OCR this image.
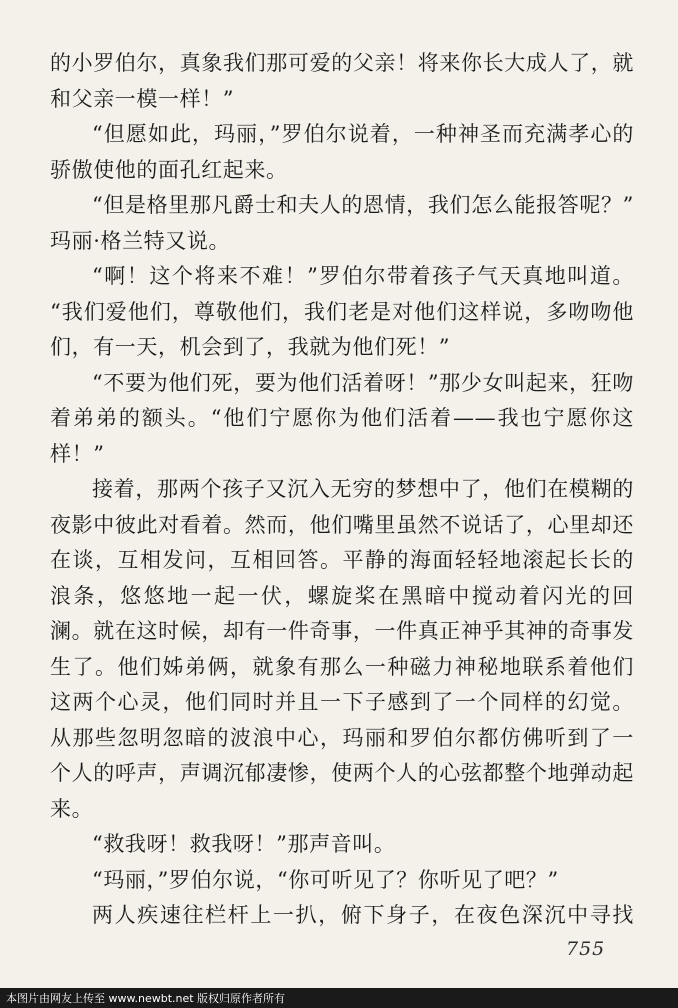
的小罗伯尔，真象我们那可爱的父亲！将来你长大成人了，就
和父亲一模一样！”
“但愿如此，玛丽，”罗伯尔说着，一种神圣而充满孝心的
骄傲使他的面孔红起来。
“但是格里那凡爵士和夫人的恩情，我们怎么能报答呢？”
玛丽·格兰特又说。
“啊！这个将来不难！”罗伯尔带着孩子气天真地叫道。
“我们爱他们，尊敬他们，我们老是对他们这样说，多吻吻他
们，有一天，机会到了，我就为他们死！”
“不要为他们死，要为他们活着呀！”那少女叫起来，狂吻
着弟弟的额头。“他们宁愿你为他们活着——我也宁愿你这
样！”
接着，那两个孩子又沉入无穷的梦想中了，他们在模糊的
夜影中彼此对看着。然而，他们嘴里虽然不说话了，心里却还
在谈，互相发问，互相回答。平静的海面轻轻地滚起长长的
浪条，悠悠地一起一伏，螺旋桨在黑暗中搅动着闪光的回
澜。就在这时候，却有一件奇事，一件真正神乎其神的奇事发
生了。他们姊弟俩，就象有那么一种磁力神秘地联系着他们
这两个心灵，他们同时并且一下子感到了一个同样的幻觉。
从那些忽明忽暗的波浪中心，玛丽和罗伯尔都仿佛听到了一
个人的呼声，声调沉郁凄惨，使两个人的心弦都整个地弹动起
来。
“救我呀！救我呀！”那声音叫。
“玛丽，”罗伯尔说，“你可听见了？你听见了吧？”
两人疾速往栏杆上一扒，俯下身子，在夜色深沉中寻找
755
本图片由网友上传至 www.newbt.net 版权归原作者所有
